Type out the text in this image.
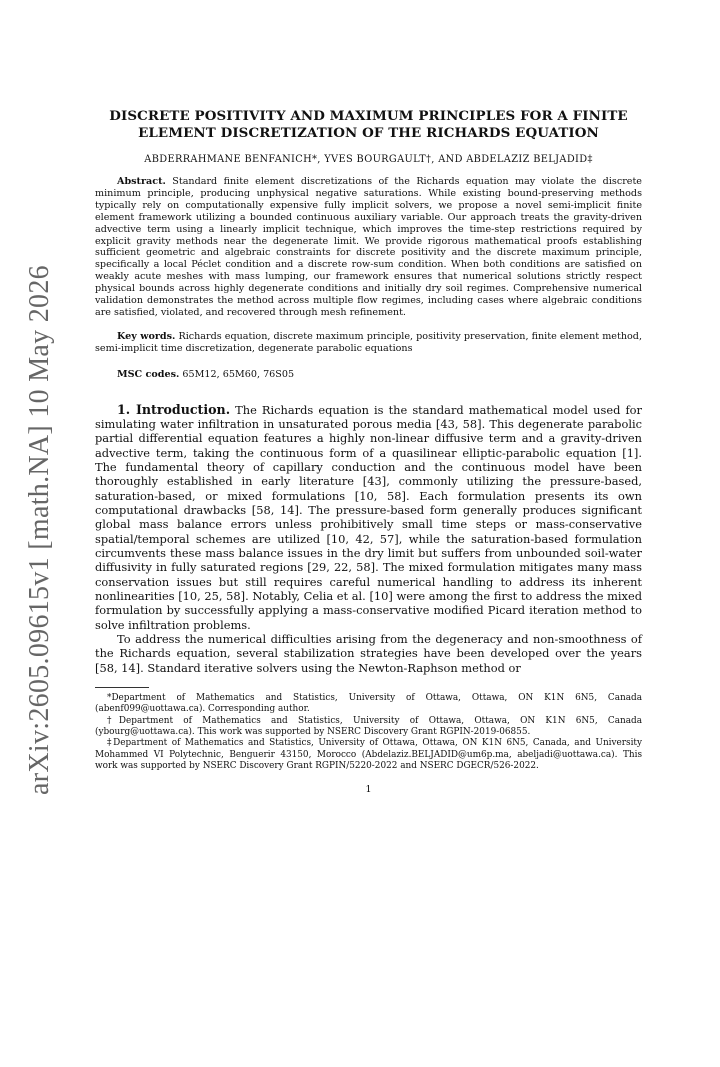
arXiv:2605.09615v1 [math.NA] 10 May 2026
DISCRETE POSITIVITY AND MAXIMUM PRINCIPLES FOR A FINITE ELEMENT DISCRETIZATION OF THE RICHARDS EQUATION
ABDERRAHMANE BENFANICH*, YVES BOURGAULT†, AND ABDELAZIZ BELJADID‡
Abstract. Standard finite element discretizations of the Richards equation may violate the discrete minimum principle, producing unphysical negative saturations. While existing bound-preserving methods typically rely on computationally expensive fully implicit solvers, we propose a novel semi-implicit finite element framework utilizing a bounded continuous auxiliary variable. Our approach treats the gravity-driven advective term using a linearly implicit technique, which improves the time-step restrictions required by explicit gravity methods near the degenerate limit. We provide rigorous mathematical proofs establishing sufficient geometric and algebraic constraints for discrete positivity and the discrete maximum principle, specifically a local Péclet condition and a discrete row-sum condition. When both conditions are satisfied on weakly acute meshes with mass lumping, our framework ensures that numerical solutions strictly respect physical bounds across highly degenerate conditions and initially dry soil regimes. Comprehensive numerical validation demonstrates the method across multiple flow regimes, including cases where algebraic conditions are satisfied, violated, and recovered through mesh refinement.
Key words. Richards equation, discrete maximum principle, positivity preservation, finite element method, semi-implicit time discretization, degenerate parabolic equations
MSC codes. 65M12, 65M60, 76S05

1. Introduction. The Richards equation is the standard mathematical model used for simulating water infiltration in unsaturated porous media [43, 58]. This degenerate parabolic partial differential equation features a highly non-linear diffusive term and a gravity-driven advective term, taking the continuous form of a quasilinear elliptic-parabolic equation [1]. The fundamental theory of capillary conduction and the continuous model have been thoroughly established in early literature [43], commonly utilizing the pressure-based, saturation-based, or mixed formulations [10, 58]. Each formulation presents its own computational drawbacks [58, 14]. The pressure-based form generally produces significant global mass balance errors unless prohibitively small time steps or mass-conservative spatial/temporal schemes are utilized [10, 42, 57], while the saturation-based formulation circumvents these mass balance issues in the dry limit but suffers from unbounded soil-water diffusivity in fully saturated regions [29, 22, 58]. The mixed formulation mitigates many mass conservation issues but still requires careful numerical handling to address its inherent nonlinearities [10, 25, 58]. Notably, Celia et al. [10] were among the first to address the mixed formulation by successfully applying a mass-conservative modified Picard iteration method to solve infiltration problems.

To address the numerical difficulties arising from the degeneracy and non-smoothness of the Richards equation, several stabilization strategies have been developed over the years [58, 14]. Standard iterative solvers using the Newton-Raphson method or

*Department of Mathematics and Statistics, University of Ottawa, Ottawa, ON K1N 6N5, Canada (abenf099@uottawa.ca). Corresponding author.

†Department of Mathematics and Statistics, University of Ottawa, Ottawa, ON K1N 6N5, Canada (ybourg@uottawa.ca). This work was supported by NSERC Discovery Grant RGPIN-2019-06855.

‡Department of Mathematics and Statistics, University of Ottawa, Ottawa, ON K1N 6N5, Canada, and University Mohammed VI Polytechnic, Benguerir 43150, Morocco (Abdelaziz.BELJADID@um6p.ma, abeljadi@uottawa.ca). This work was supported by NSERC Discovery Grant RGPIN/5220-2022 and NSERC DGECR/526-2022.

1
